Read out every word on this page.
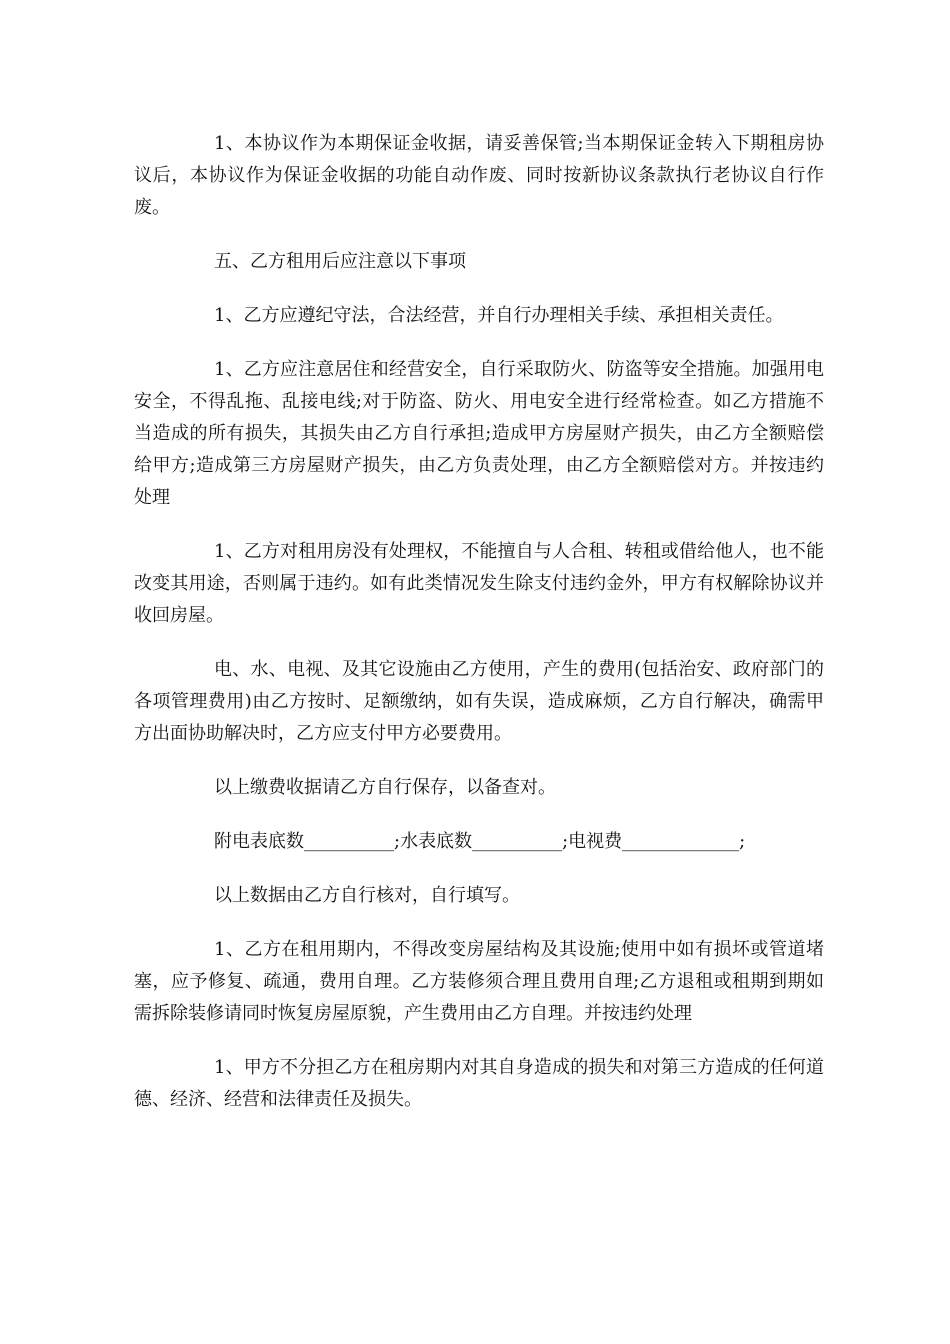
1、本协议作为本期保证金收据，请妥善保管;当本期保证金转入下期租房协议后，本协议作为保证金收据的功能自动作废、同时按新协议条款执行老协议自行作废。

五、乙方租用后应注意以下事项

1、乙方应遵纪守法，合法经营，并自行办理相关手续、承担相关责任。

1、乙方应注意居住和经营安全，自行采取防火、防盗等安全措施。加强用电安全，不得乱拖、乱接电线;对于防盗、防火、用电安全进行经常检查。如乙方措施不当造成的所有损失，其损失由乙方自行承担;造成甲方房屋财产损失，由乙方全额赔偿给甲方;造成第三方房屋财产损失，由乙方负责处理，由乙方全额赔偿对方。并按违约处理

1、乙方对租用房没有处理权，不能擅自与人合租、转租或借给他人，也不能改变其用途，否则属于违约。如有此类情况发生除支付违约金外，甲方有权解除协议并收回房屋。

电、水、电视、及其它设施由乙方使用，产生的费用(包括治安、政府部门的各项管理费用)由乙方按时、足额缴纳，如有失误，造成麻烦，乙方自行解决，确需甲方出面协助解决时，乙方应支付甲方必要费用。

以上缴费收据请乙方自行保存，以备查对。

附电表底数__________;水表底数__________;电视费_____________;

以上数据由乙方自行核对，自行填写。

1、乙方在租用期内，不得改变房屋结构及其设施;使用中如有损坏或管道堵塞，应予修复、疏通，费用自理。乙方装修须合理且费用自理;乙方退租或租期到期如需拆除装修请同时恢复房屋原貌，产生费用由乙方自理。并按违约处理

1、甲方不分担乙方在租房期内对其自身造成的损失和对第三方造成的任何道德、经济、经营和法律责任及损失。
